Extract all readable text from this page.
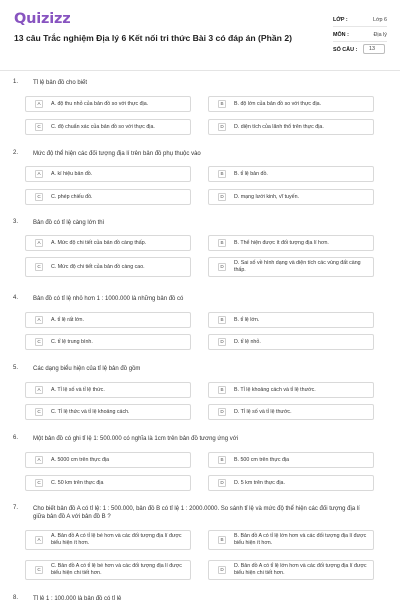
Quizizz
13 câu Trắc nghiệm Địa lý 6 Kết nối tri thức Bài 3 có đáp án (Phần 2)
LỚP :	Lớp 6
MÔN :	Địa lý
SỐ CÂU :	13
1. Tỉ lệ bản đồ cho biết
A	A. độ thu nhỏ của bản đồ so với thực địa.	B	B. độ lớn của bản đồ so với thực địa.
C	C. độ chuẩn xác của bản đồ so với thực địa.	D	D. diện tích của lãnh thổ trên thực địa.
2. Mức độ thể hiện các đối tượng địa lí trên bản đồ phụ thuộc vào
A	A. kí hiệu bản đồ.	B	B. tỉ lệ bản đồ.
C	C. phép chiếu đồ.	D	D. mạng lưới kinh, vĩ tuyến.
3. Bản đồ có tỉ lệ càng lớn thì
A	A. Mức độ chi tiết của bản đồ càng thấp.	B	B. Thể hiện được ít đối tượng địa lí hơn.
C	C. Mức độ chi tiết của bản đồ càng cao.	D
D. Sai số về hình dạng và diện tích các vùng đất càng thấp.
4. Bản đồ có tỉ lệ nhỏ hơn 1 : 1000.000 là những bản đồ có
A	A. tỉ lệ rất lớn.	B	B. tỉ lệ lớn.
C	C. tỉ lệ trung bình.	D	D. tỉ lệ nhỏ.
5. Các dạng biểu hiện của tỉ lệ bản đồ gồm
A	A. Tỉ lệ số và tỉ lệ thức.	B	B. Tỉ lệ khoảng cách và tỉ lệ thước.
C	C. Tỉ lệ thức và tỉ lệ khoảng cách.	D	D. Tỉ lệ số và tỉ lệ thước.
6. Một bản đồ có ghi tỉ lệ 1: 500.000 có nghĩa là 1cm trên bản đồ tương ứng với
A	A. 5000 cm trên thực địa	B	B. 500 cm trên thực địa
C	C. 50 km trên thực địa	D	D. 5 km trên thực địa.
7. Cho biết bản đồ A có tỉ lệ: 1 : 500.000, bản đồ B có tỉ lệ 1 : 2000.0000. So sánh tỉ lệ và mức độ thể hiện các đối tượng địa lí giữa bản đồ A với bản đồ B ?
A
A. Bản đồ A có tỉ lệ bé hơn và các đối tượng địa lí được biểu hiện ít hơn.
B
B. Bản đồ A có tỉ lệ lớn hơn và các đối tượng địa lí được biểu hiện ít hơn.
C
C. Bản đồ A có tỉ lệ bé hơn và các đối tượng địa lí được biểu hiện chi tiết hơn.
D
D. Bản đồ A có tỉ lệ lớn hơn và các đối tượng địa lí được biểu hiện chi tiết hơn.
8. Tỉ lệ 1 : 100.000 là bản đồ có tỉ lệ
